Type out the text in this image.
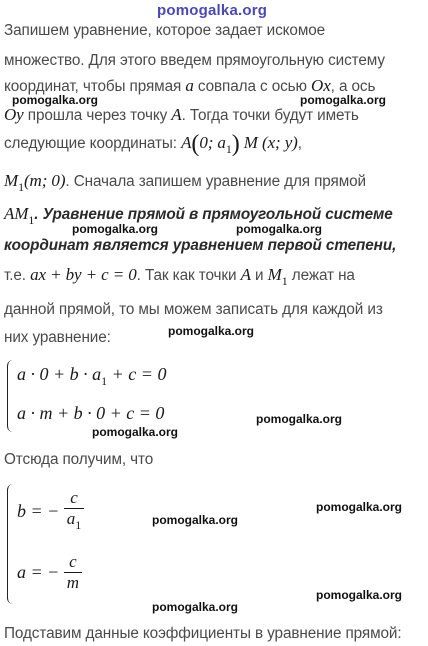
pomogalka.org
Запишем уравнение, которое задает искомое
множество. Для этого введем прямоугольную систему
координат, чтобы прямая a совпала с осью Ox, а ось
pomogalka.org	pomogalka.org
Oy прошла через точку A. Тогда точки будут иметь
следующие координаты: A(0; $a_1$) M (x; y),
$M_1(m$; 0). Сначала запишем уравнение для прямой
$AM_1$. Уравнение прямой в прямоугольной системе
pomogalka.org	pomogalka.org
координат является уравнением первой степени,
т.е. ax + by + c = 0. Так как точки A и $M_1$ лежат на
данной прямой, то мы можем записать для каждой из
pomogalka.org
них уравнение:
$a \cdot 0 + b \cdot a_1 + c = 0$
a · m + b · 0 + c = 0	pomogalka.org
pomogalka.org
Отсюда получим, что
b = − $\frac{c}{a_1}$	pomogalka.org
pomogalka.org
a = − $\frac{c}{m}$
pomogalka.org
pomogalka.org
Подставим данные коэффициенты в уравнение прямой:
